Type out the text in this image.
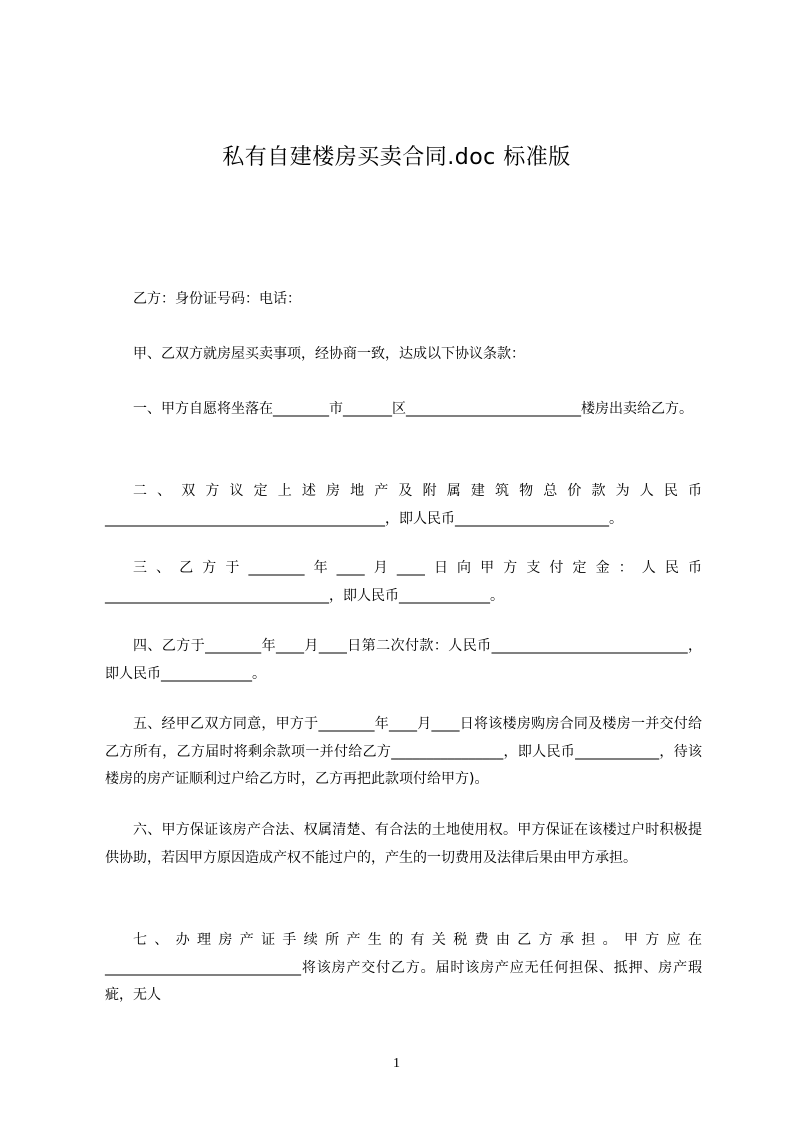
私有自建楼房买卖合同.doc 标准版

乙方：身份证号码：电话：

甲、乙双方就房屋买卖事项，经协商一致，达成以下协议条款：

一、甲方自愿将坐落在________市_______区_________________________楼房出卖给乙方。

二、双方议定上述房地产及附属建筑物总价款为人民币________________________________________，即人民币______________________。

三、乙方于________年____月____日向甲方支付定金：人民币________________________________，即人民币_____________。

四、乙方于________年____月____日第二次付款：人民币____________________________，即人民币_____________。

五、经甲乙双方同意，甲方于________年____月____日将该楼房购房合同及楼房一并交付给乙方所有，乙方届时将剩余款项一并付给乙方________________，即人民币____________，待该楼房的房产证顺利过户给乙方时，乙方再把此款项付给甲方)。

六、甲方保证该房产合法、权属清楚、有合法的土地使用权。甲方保证在该楼过户时积极提供协助，若因甲方原因造成产权不能过户的，产生的一切费用及法律后果由甲方承担。

七、办理房产证手续所产生的有关税费由乙方承担。甲方应在____________________________将该房产交付乙方。届时该房产应无任何担保、抵押、房产瑕疵，无人

1
